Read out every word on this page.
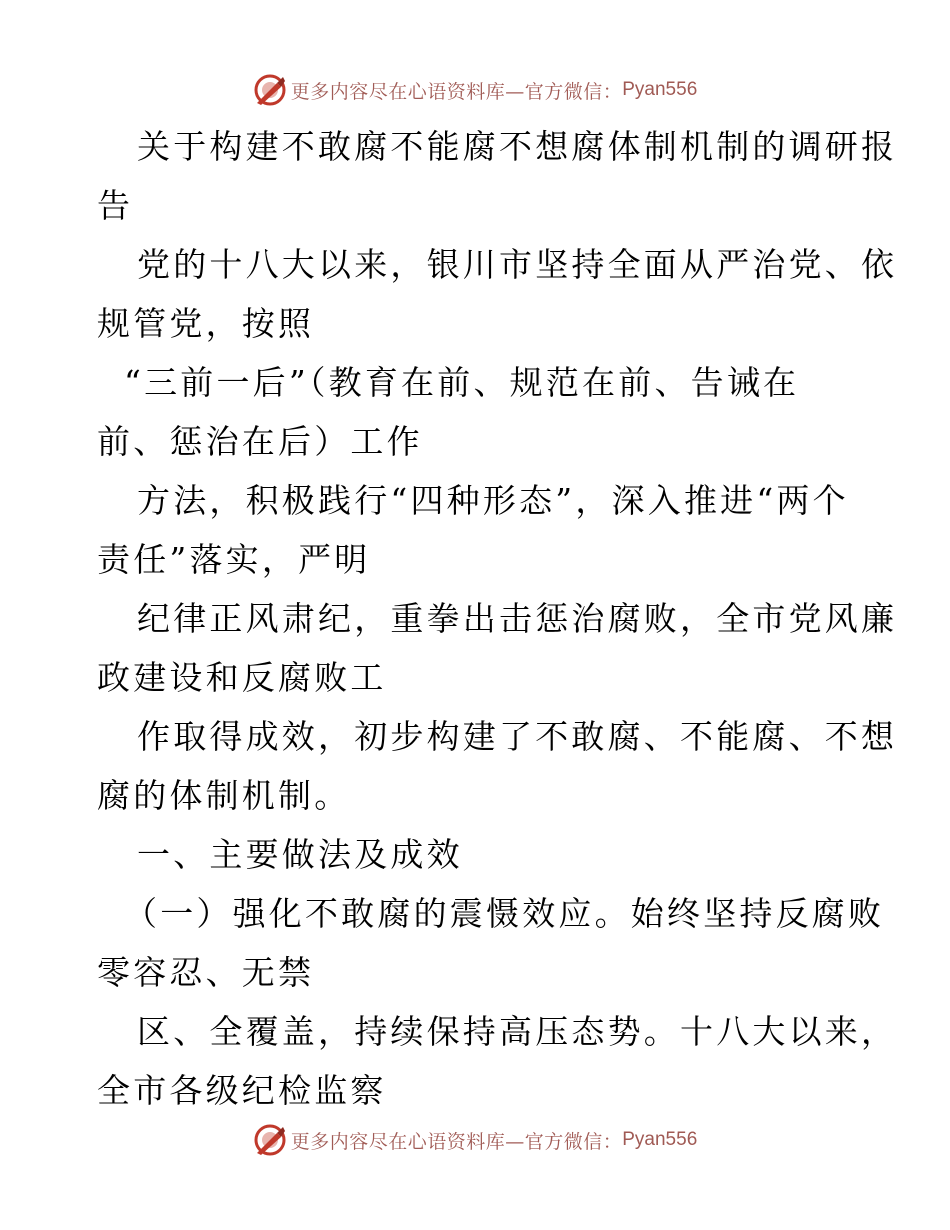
更多内容尽在心语资料库—官方微信： Pyan556
关于构建不敢腐不能腐不想腐体制机制的调研报
告
党的十八大以来，银川市坚持全面从严治党、依
规管党，按照
“三前一后”（教育在前、规范在前、告诫在
前、惩治在后）工作
方法，积极践行“四种形态”，深入推进“两个
责任”落实，严明
纪律正风肃纪，重拳出击惩治腐败，全市党风廉
政建设和反腐败工
作取得成效，初步构建了不敢腐、不能腐、不想
腐的体制机制。
一、主要做法及成效
（一）强化不敢腐的震慑效应。始终坚持反腐败
零容忍、无禁
区、全覆盖，持续保持高压态势。十八大以来，
全市各级纪检监察
更多内容尽在心语资料库—官方微信： Pyan556
